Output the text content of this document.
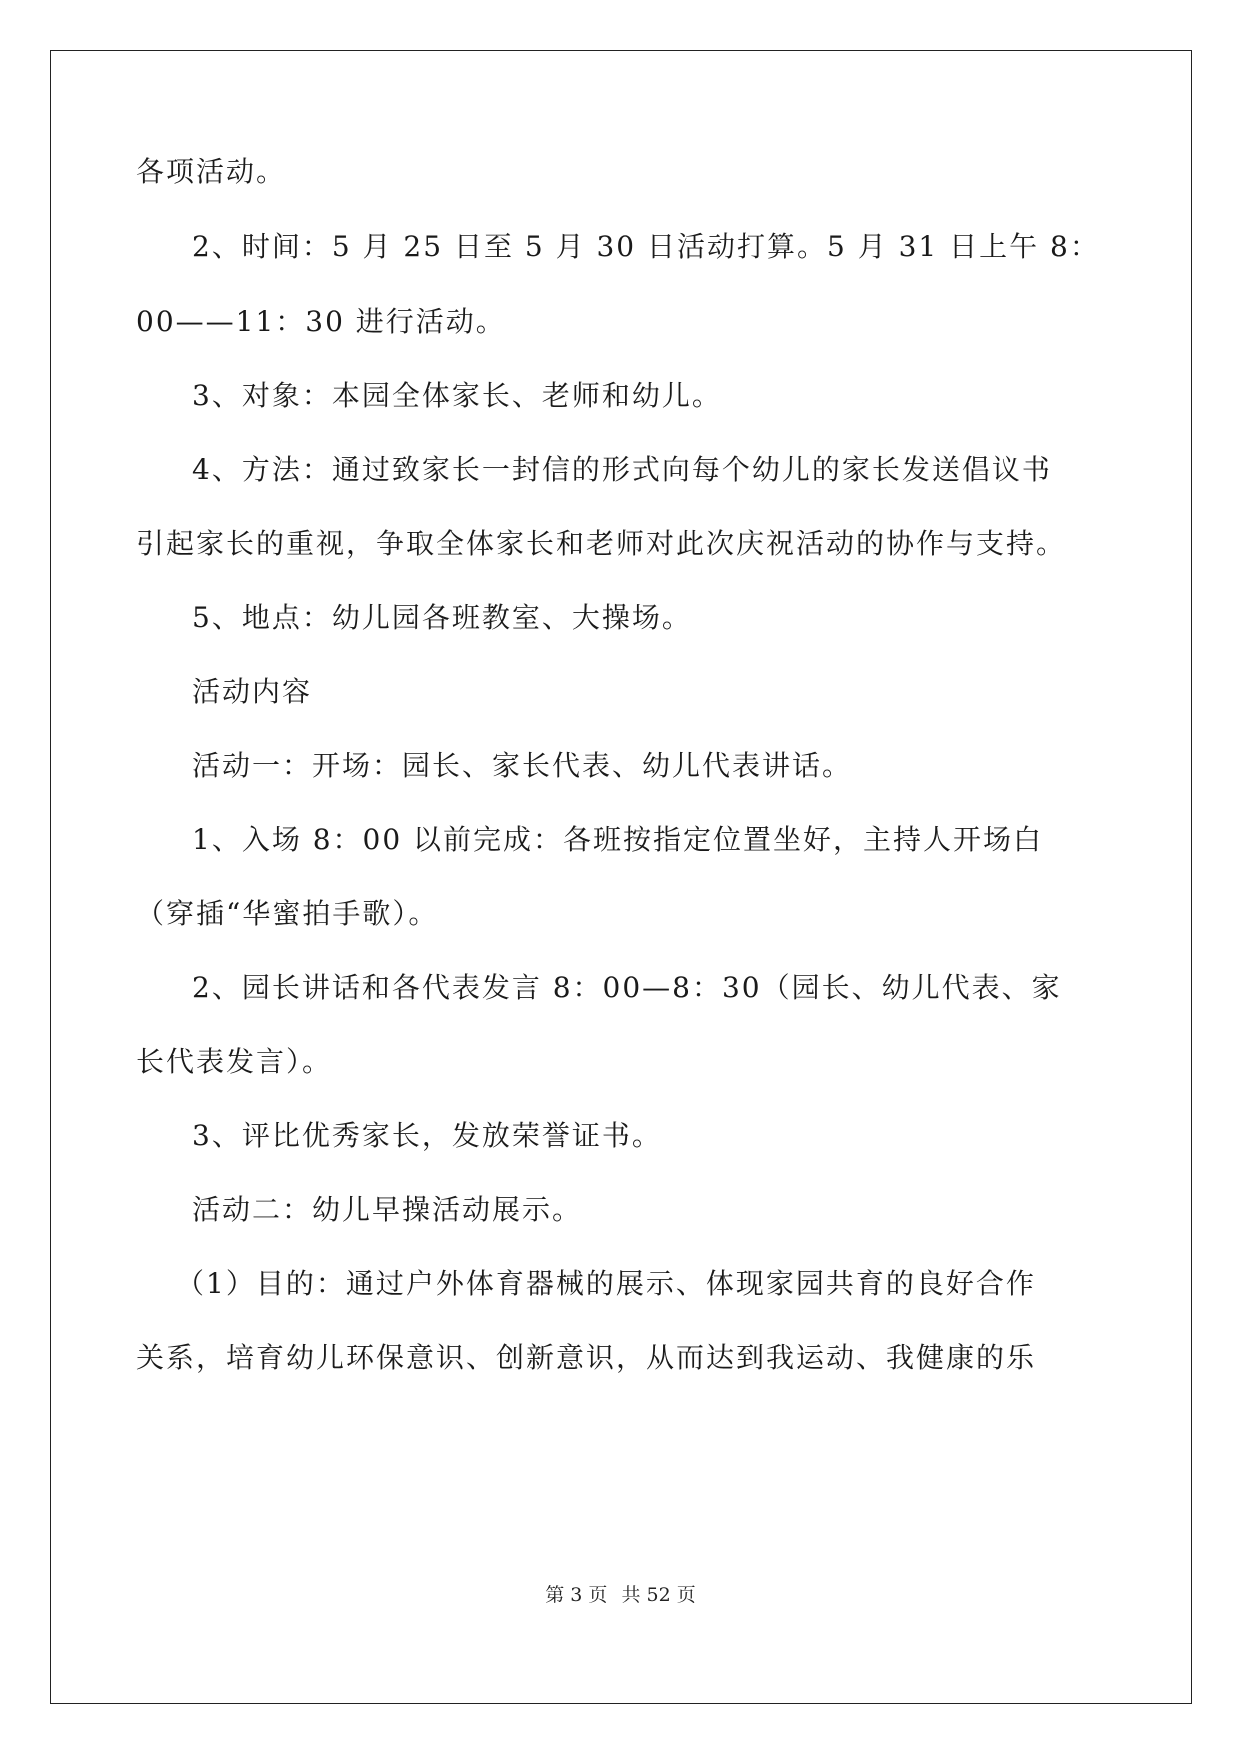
各项活动。
2、时间：5 月 25 日至 5 月 30 日活动打算。5 月 31 日上午 8：
00——11：30 进行活动。
3、对象：本园全体家长、老师和幼儿。
4、方法：通过致家长一封信的形式向每个幼儿的家长发送倡议书
引起家长的重视，争取全体家长和老师对此次庆祝活动的协作与支持。
5、地点：幼儿园各班教室、大操场。
活动内容
活动一：开场：园长、家长代表、幼儿代表讲话。
1、入场 8：00 以前完成：各班按指定位置坐好，主持人开场白
（穿插“华蜜拍手歌）。
2、园长讲话和各代表发言 8：00—8：30（园长、幼儿代表、家
长代表发言）。
3、评比优秀家长，发放荣誉证书。
活动二：幼儿早操活动展示。
（1）目的：通过户外体育器械的展示、体现家园共育的良好合作
关系，培育幼儿环保意识、创新意识，从而达到我运动、我健康的乐
第 3 页 共 52 页
